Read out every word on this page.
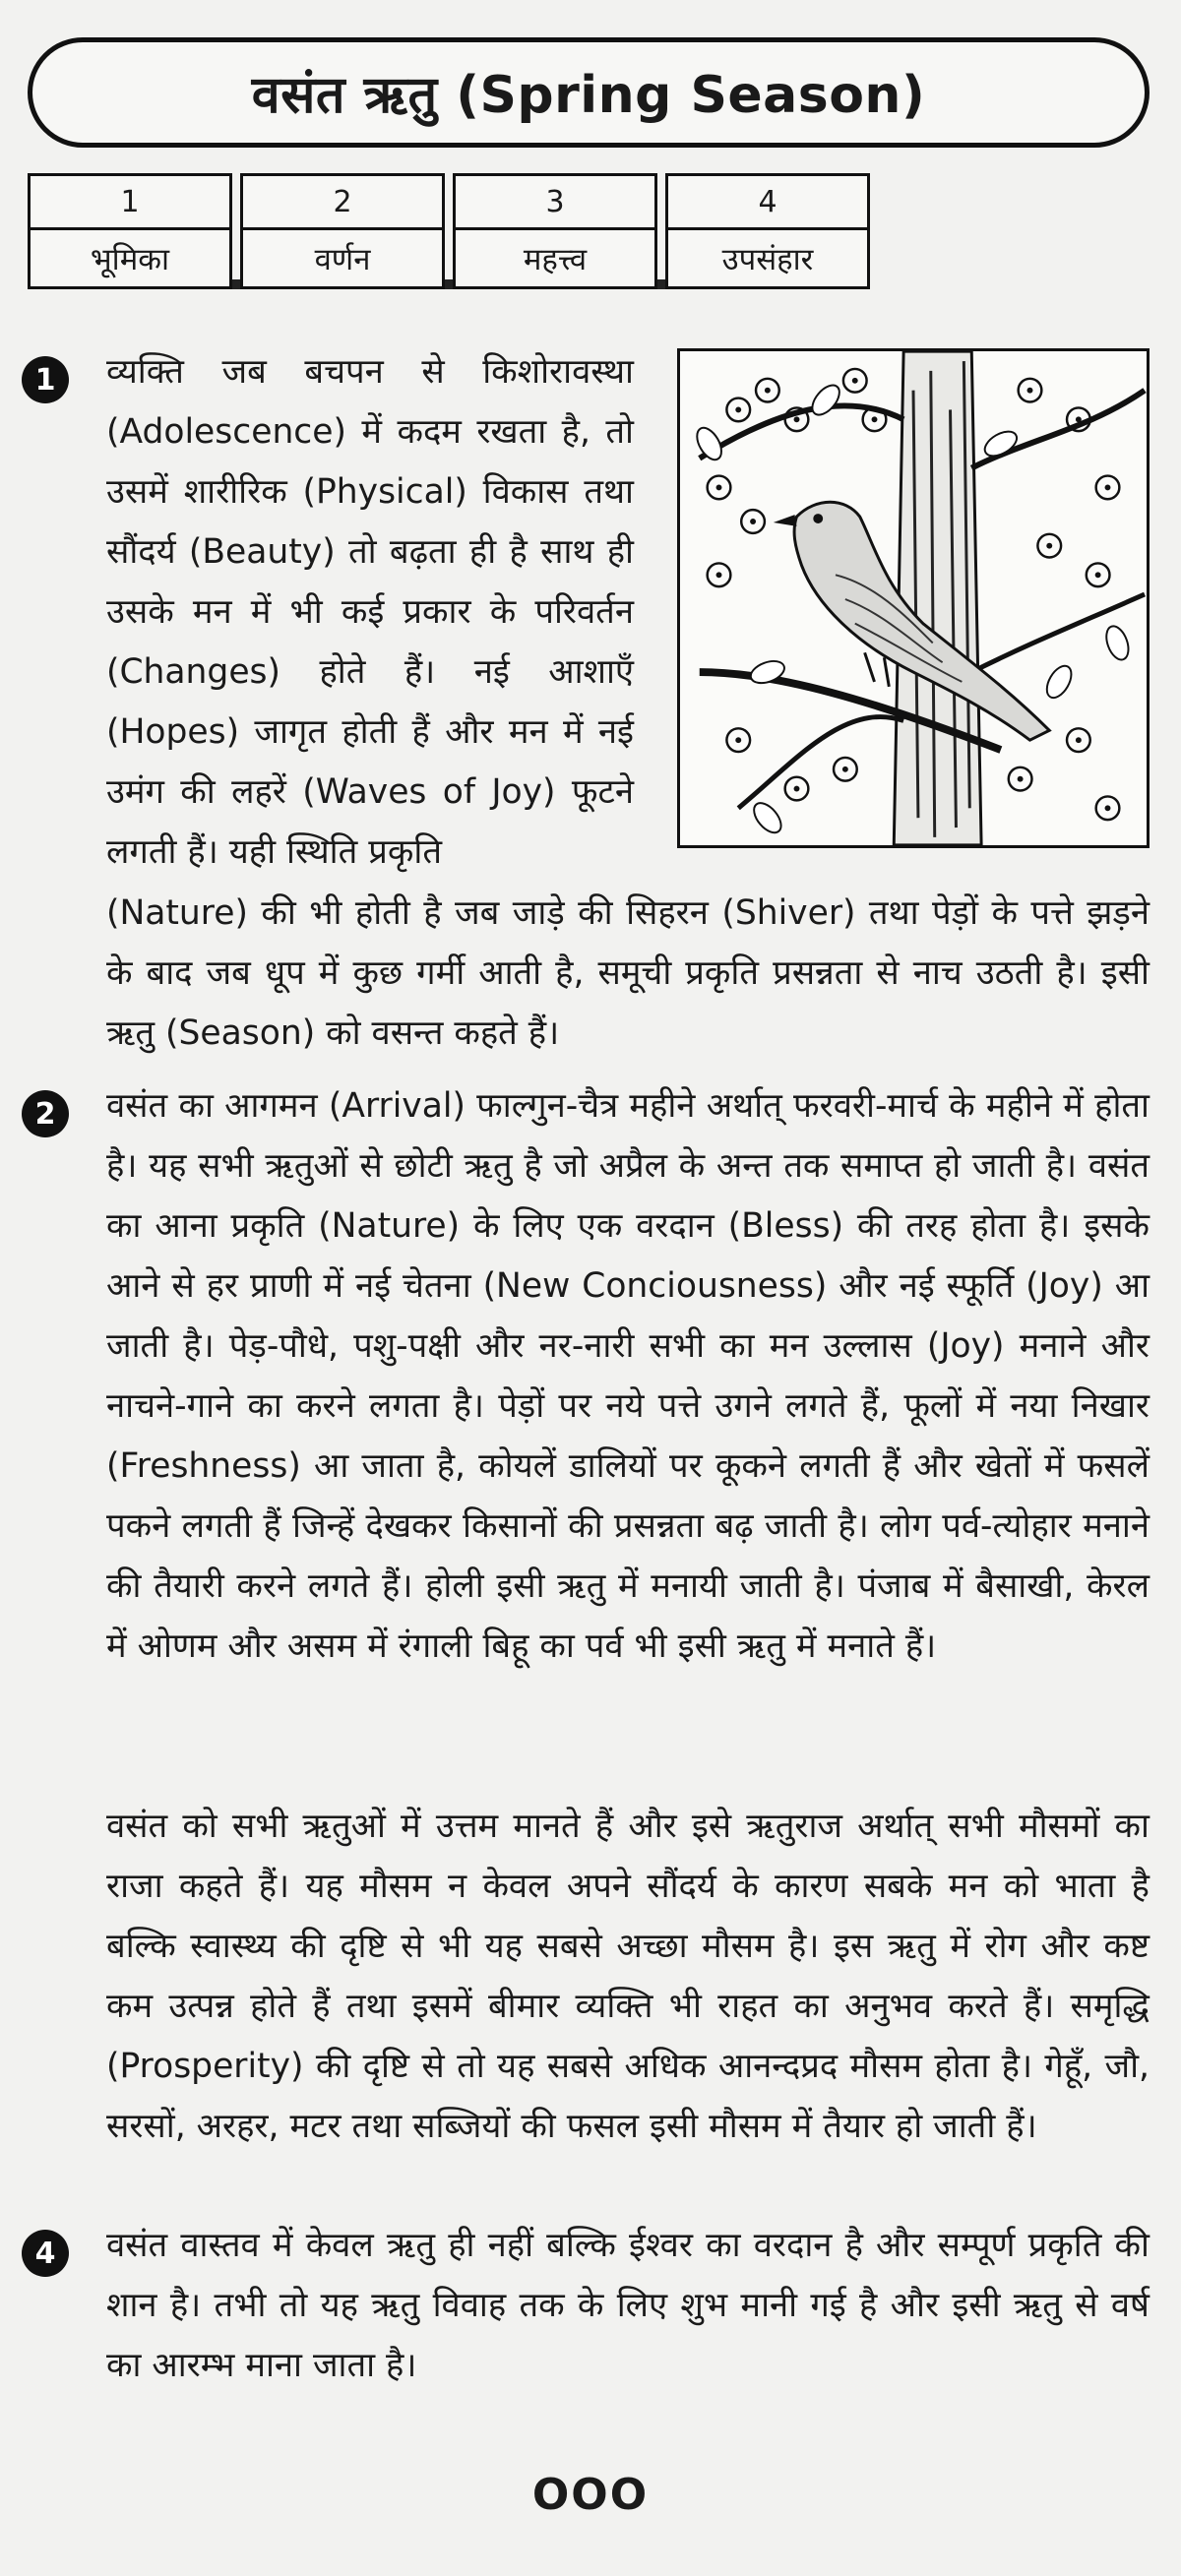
वसंत ऋतु (Spring Season)
1
भूमिका
2
वर्णन
3
महत्त्व
4
उपसंहार
1	व्यक्ति जब बचपन से किशोरावस्था (Adolescence) में कदम रखता है, तो उसमें शारीरिक (Physical) विकास तथा सौंदर्य (Beauty) तो बढ़ता ही है साथ ही उसके मन में भी कई प्रकार के परिवर्तन (Changes) होते हैं। नई आशाएँ (Hopes) जागृत होती हैं और मन में नई उमंग की लहरें (Waves of Joy) फूटने लगती हैं। यही स्थिति प्रकृति
(Nature) की भी होती है जब जाड़े की सिहरन (Shiver) तथा पेड़ों के पत्ते झड़ने के बाद जब धूप में कुछ गर्मी आती है, समूची प्रकृति प्रसन्नता से नाच उठती है। इसी ऋतु (Season) को वसन्त कहते हैं।
2	वसंत का आगमन (Arrival) फाल्गुन-चैत्र महीने अर्थात् फरवरी-मार्च के महीने में होता है। यह सभी ऋतुओं से छोटी ऋतु है जो अप्रैल के अन्त तक समाप्त हो जाती है। वसंत का आना प्रकृति (Nature) के लिए एक वरदान (Bless) की तरह होता है। इसके आने से हर प्राणी में नई चेतना (New Conciousness) और नई स्फूर्ति (Joy) आ जाती है। पेड़-पौधे, पशु-पक्षी और नर-नारी सभी का मन उल्लास (Joy) मनाने और नाचने-गाने का करने लगता है। पेड़ों पर नये पत्ते उगने लगते हैं, फूलों में नया निखार (Freshness) आ जाता है, कोयलें डालियों पर कूकने लगती हैं और खेतों में फसलें पकने लगती हैं जिन्हें देखकर किसानों की प्रसन्नता बढ़ जाती है। लोग पर्व-त्योहार मनाने की तैयारी करने लगते हैं। होली इसी ऋतु में मनायी जाती है। पंजाब में बैसाखी, केरल में ओणम और असम में रंगाली बिहू का पर्व भी इसी ऋतु में मनाते हैं।
वसंत को सभी ऋतुओं में उत्तम मानते हैं और इसे ऋतुराज अर्थात् सभी मौसमों का राजा कहते हैं। यह मौसम न केवल अपने सौंदर्य के कारण सबके मन को भाता है बल्कि स्वास्थ्य की दृष्टि से भी यह सबसे अच्छा मौसम है। इस ऋतु में रोग और कष्ट कम उत्पन्न होते हैं तथा इसमें बीमार व्यक्ति भी राहत का अनुभव करते हैं। समृद्धि (Prosperity) की दृष्टि से तो यह सबसे अधिक आनन्दप्रद मौसम होता है। गेहूँ, जौ, सरसों, अरहर, मटर तथा सब्जियों की फसल इसी मौसम में तैयार हो जाती हैं।
4	वसंत वास्तव में केवल ऋतु ही नहीं बल्कि ईश्वर का वरदान है और सम्पूर्ण प्रकृति की शान है। तभी तो यह ऋतु विवाह तक के लिए शुभ मानी गई है और इसी ऋतु से वर्ष का आरम्भ माना जाता है।
OOO
